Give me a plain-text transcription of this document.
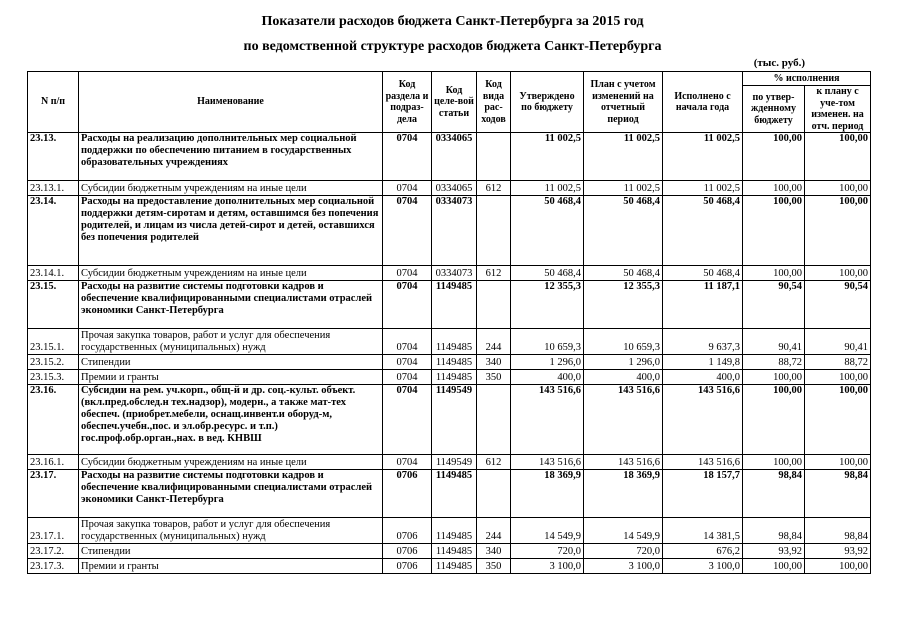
Показатели расходов бюджета Санкт-Петербурга за 2015 год
по ведомственной структуре расходов бюджета Санкт-Петербурга
(тыс. руб.)
N п/п	Наименование	Код раздела и подраз-дела	Код целе-вой статьи	Код вида рас-ходов	Утверждено по бюджету	План с учетом изменений на отчетный период	Исполнено с начала года	% исполнения	
								по утвер-жденному бюджету	к плану с уче-том изменен. на отч. период
23.13.	Расходы на реализацию дополнительных мер социальной поддержки по обеспечению питанием в государственных образовательных учреждениях	0704	0334065		11 002,5	11 002,5	11 002,5	100,00	100,00
23.13.1.	Субсидии бюджетным учреждениям на иные цели	0704	0334065	612	11 002,5	11 002,5	11 002,5	100,00	100,00
23.14.	Расходы на предоставление дополнительных мер социальной поддержки детям-сиротам и детям, оставшимся без попечения родителей, и лицам из числа детей-сирот и детей, оставшихся без попечения родителей	0704	0334073		50 468,4	50 468,4	50 468,4	100,00	100,00
23.14.1.	Субсидии бюджетным учреждениям на иные цели	0704	0334073	612	50 468,4	50 468,4	50 468,4	100,00	100,00
23.15.	Расходы на развитие системы подготовки кадров и обеспечение квалифицированными специалистами отраслей экономики Санкт-Петербурга	0704	1149485		12 355,3	12 355,3	11 187,1	90,54	90,54
23.15.1.	Прочая закупка товаров, работ и услуг для обеспечения государственных (муниципальных) нужд	0704	1149485	244	10 659,3	10 659,3	9 637,3	90,41	90,41
23.15.2.	Стипендии	0704	1149485	340	1 296,0	1 296,0	1 149,8	88,72	88,72
23.15.3.	Премии и гранты	0704	1149485	350	400,0	400,0	400,0	100,00	100,00
23.16.	Субсидии на рем. уч.корп., общ-й и др. соц.-культ. объект. (вкл.пред.обслед.н тех.надзор), модерн., а также мат-тех обеспеч. (приобрет.мебели, оснащ.инвент.и оборуд-м, обеспеч.учебн.,пос. и эл.обр.ресурс. и т.п.) гос.проф.обр.орган.,нах. в вед. КНВШ	0704	1149549		143 516,6	143 516,6	143 516,6	100,00	100,00
23.16.1.	Субсидии бюджетным учреждениям на иные цели	0704	1149549	612	143 516,6	143 516,6	143 516,6	100,00	100,00
23.17.	Расходы на развитие системы подготовки кадров и обеспечение квалифицированными специалистами отраслей экономики Санкт-Петербурга	0706	1149485		18 369,9	18 369,9	18 157,7	98,84	98,84
23.17.1.	Прочая закупка товаров, работ и услуг для обеспечения государственных (муниципальных) нужд	0706	1149485	244	14 549,9	14 549,9	14 381,5	98,84	98,84
23.17.2.	Стипендии	0706	1149485	340	720,0	720,0	676,2	93,92	93,92
23.17.3.	Премии и гранты	0706	1149485	350	3 100,0	3 100,0	3 100,0	100,00	100,00
